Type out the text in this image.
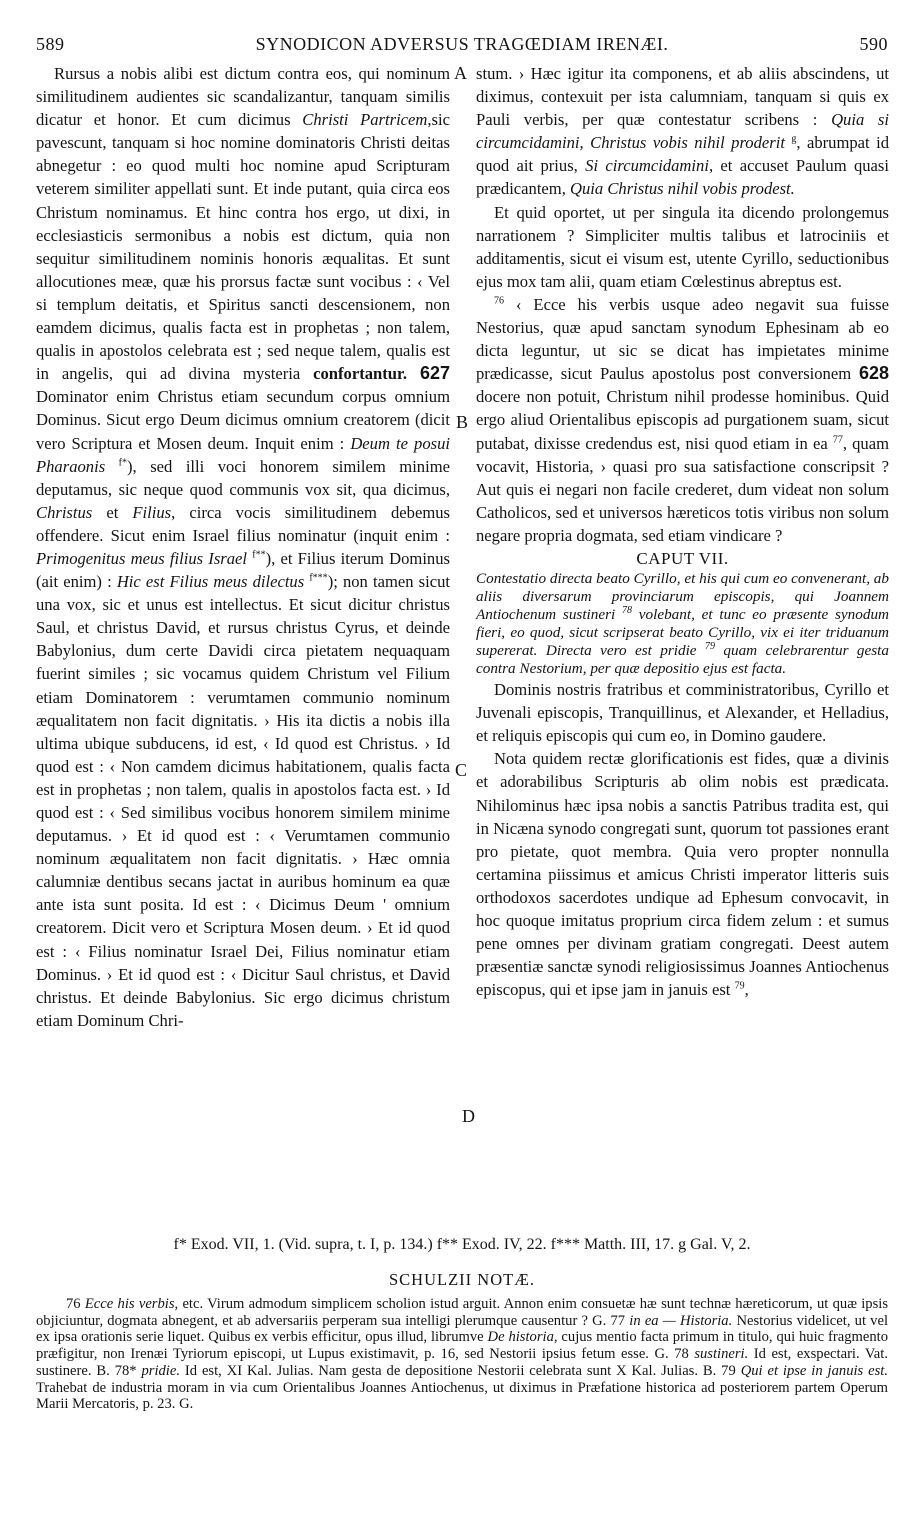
589	SYNODICON ADVERSUS TRAGŒDIAM IRENÆI.	590
A
B
C
D

Rursus a nobis alibi est dictum contra eos, qui nominum similitudinem audientes sic scandalizantur, tanquam similis dicatur et honor. Et cum dicimus Christi Partricem,sic pavescunt, tanquam si hoc nomine dominatoris Christi deitas abnegetur : eo quod multi hoc nomine apud Scripturam veterem similiter appellati sunt. Et inde putant, quia circa eos Christum nominamus. Et hinc contra hos ergo, ut dixi, in ecclesiasticis sermonibus a nobis est dictum, quia non sequitur similitudinem nominis honoris æqualitas. Et sunt allocutiones meæ, quæ his prorsus factæ sunt vocibus : ‹ Vel si templum deitatis, et Spiritus sancti descensionem, non eamdem dicimus, qualis facta est in prophetas ; non talem, qualis in apostolos celebrata est ; sed neque talem, qualis est in angelis, qui ad divina mysteria confortantur. 627 Dominator enim Christus etiam secundum corpus omnium Dominus. Sicut ergo Deum dicimus omnium creatorem (dicit vero Scriptura et Mosen deum. Inquit enim : Deum te posui Pharaonis $^{f*}$), sed illi voci honorem similem minime deputamus, sic neque quod communis vox sit, qua dicimus, Christus et Filius, circa vocis similitudinem debemus offendere. Sicut enim Israel filius nominatur (inquit enim : Primogenitus meus filius Israel $^{f**}$), et Filius iterum Dominus (ait enim) : Hic est Filius meus dilectus $^{f***}$); non tamen sicut una vox, sic et unus est intellectus. Et sicut dicitur christus Saul, et christus David, et rursus christus Cyrus, et deinde Babylonius, dum certe Davidi circa pietatem nequaquam fuerint similes ; sic vocamus quidem Christum vel Filium etiam Dominatorem : verumtamen communio nominum æqualitatem non facit dignitatis. › His ita dictis a nobis illa ultima ubique subducens, id est, ‹ Id quod est Christus. › Id quod est : ‹ Non camdem dicimus habitationem, qualis facta est in prophetas ; non talem, qualis in apostolos facta est. › Id quod est : ‹ Sed similibus vocibus honorem similem minime deputamus. › Et id quod est : ‹ Verumtamen communio nominum æqualitatem non facit dignitatis. › Hæc omnia calumniæ dentibus secans jactat in auribus hominum ea quæ ante ista sunt posita. Id est : ‹ Dicimus Deum ' omnium creatorem. Dicit vero et Scriptura Mosen deum. › Et id quod est : ‹ Filius nominatur Israel Dei, Filius nominatur etiam Dominus. › Et id quod est : ‹ Dicitur Saul christus, et David christus. Et deinde Babylonius. Sic ergo dicimus christum etiam Dominum Chri-

stum. › Hæc igitur ita componens, et ab aliis abscindens, ut diximus, contexuit per ista calumniam, tanquam si quis ex Pauli verbis, per quæ contestatur scribens : Quia si circumcidamini, Christus vobis nihil proderit $^g$, abrumpat id quod ait prius, Si circumcidamini, et accuset Paulum quasi prædicantem, Quia Christus nihil vobis prodest.

Et quid oportet, ut per singula ita dicendo prolongemus narrationem ? Simpliciter multis talibus et latrociniis et additamentis, sicut ei visum est, utente Cyrillo, seductionibus ejus mox tam alii, quam etiam Cœlestinus abreptus est.

$^{76}$ ‹ Ecce his verbis usque adeo negavit sua fuisse Nestorius, quæ apud sanctam synodum Ephesinam ab eo dicta leguntur, ut sic se dicat has impietates minime prædicasse, sicut Paulus apostolus post conversionem 628 docere non potuit, Christum nihil prodesse hominibus. Quid ergo aliud Orientalibus episcopis ad purgationem suam, sicut putabat, dixisse credendus est, nisi quod etiam in ea $^{77}$, quam vocavit, Historia, › quasi pro sua satisfactione conscripsit ? Aut quis ei negari non facile crederet, dum videat non solum Catholicos, sed et universos hæreticos totis viribus non solum negare propria dogmata, sed etiam vindicare ?

CAPUT VII.

Contestatio directa beato Cyrillo, et his qui cum eo convenerant, ab aliis diversarum provinciarum episcopis, qui Joannem Antiochenum sustineri $^{78}$ volebant, et tunc eo præsente synodum fieri, eo quod, sicut scripserat beato Cyrillo, vix ei iter triduanum supererat. Directa vero est pridie $^{79}$ quam celebrarentur gesta contra Nestorium, per quæ depositio ejus est facta.

Dominis nostris fratribus et comministratoribus, Cyrillo et Juvenali episcopis, Tranquillinus, et Alexander, et Helladius, et reliquis episcopis qui cum eo, in Domino gaudere.

Nota quidem rectæ glorificationis est fides, quæ a divinis et adorabilibus Scripturis ab olim nobis est prædicata. Nihilominus hæc ipsa nobis a sanctis Patribus tradita est, qui in Nicæna synodo congregati sunt, quorum tot passiones erant pro pietate, quot membra. Quia vero propter nonnulla certamina piissimus et amicus Christi imperator litteris suis orthodoxos sacerdotes undique ad Ephesum convocavit, in hoc quoque imitatus proprium circa fidem zelum : et sumus pene omnes per divinam gratiam congregati. Deest autem præsentiæ sanctæ synodi religiosissimus Joannes Antiochenus episcopus, qui et ipse jam in januis est $^{79}$,

f* Exod. VII, 1. (Vid. supra, t. I, p. 134.) f** Exod. IV, 22. f*** Matth. III, 17. g Gal. V, 2.
SCHULZII NOTÆ.

76 Ecce his verbis, etc. Virum admodum simplicem scholion istud arguit. Annon enim consuetæ hæ sunt technæ hæreticorum, ut quæ ipsis objiciuntur, dogmata abnegent, et ab adversariis perperam sua intelligi plerumque causentur ? G. 77 in ea — Historia. Nestorius videlicet, ut vel ex ipsa orationis serie liquet. Quibus ex verbis efficitur, opus illud, librumve De historia, cujus mentio facta primum in titulo, qui huic fragmento præfigitur, non Irenæi Tyriorum episcopi, ut Lupus existimavit, p. 16, sed Nestorii ipsius fetum esse. G. 78 sustineri. Id est, exspectari. Vat. sustinere. B. 78* pridie. Id est, XI Kal. Julias. Nam gesta de depositione Nestorii celebrata sunt X Kal. Julias. B. 79 Qui et ipse in januis est. Trahebat de industria moram in via cum Orientalibus Joannes Antiochenus, ut diximus in Præfatione historica ad posteriorem partem Operum Marii Mercatoris, p. 23. G.
